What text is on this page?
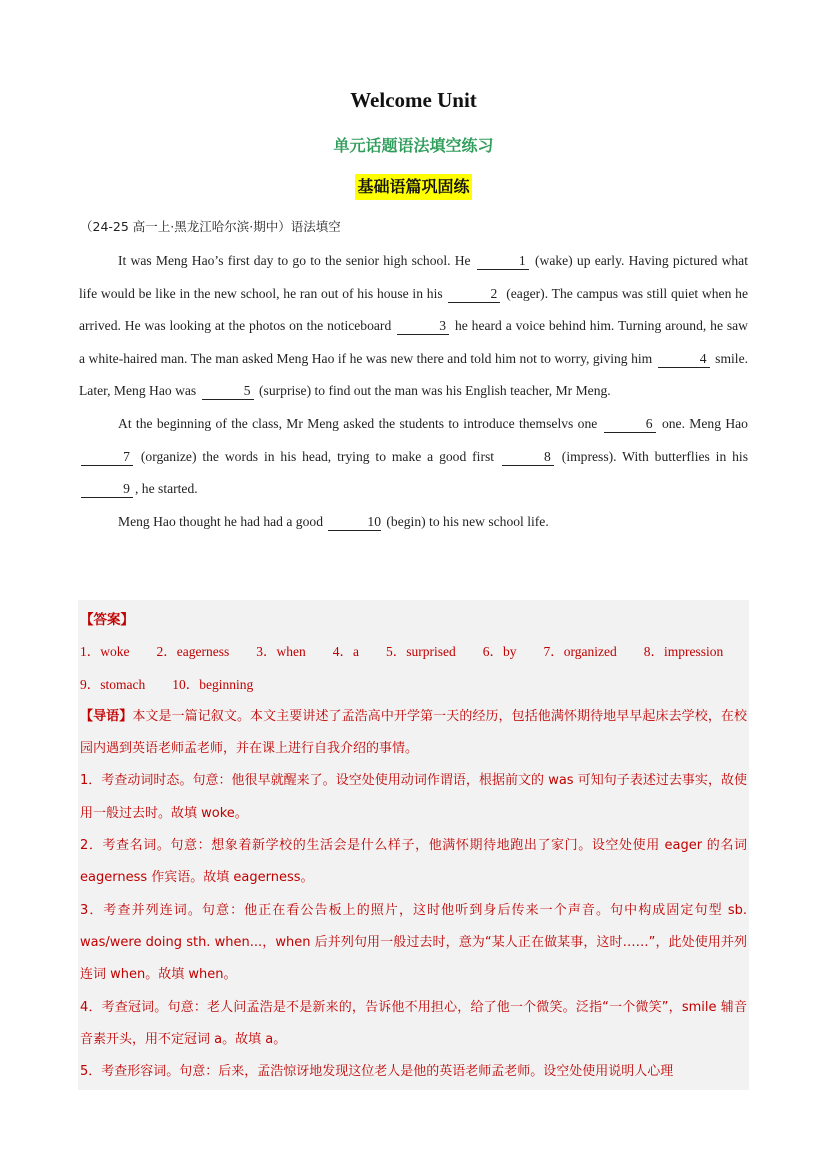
Welcome Unit
单元话题语法填空练习
基础语篇巩固练
（24-25 高一上·黑龙江哈尔滨·期中）语法填空

It was Meng Hao’s first day to go to the senior high school. He	1 (wake) up early. Having pictured what life would be like in the new school, he ran out of his house in his	2 (eager). The campus was still quiet when he arrived. He was looking at the photos on the noticeboard	3 he heard a voice behind him. Turning around, he saw a white-haired man. The man asked Meng Hao if he was new there and told him not to worry, giving him	4 smile. Later, Meng Hao was	5 (surprise) to find out the man was his English teacher, Mr Meng.

At the beginning of the class, Mr Meng asked the students to introduce themselvs one	6 one. Meng Hao 7 (organize) the words in his head, trying to make a good first	8 (impress). With butterflies in his 9 , he started.

Meng Hao thought he had had a good	10 (begin) to his new school life.

【答案】
1．woke 2．eagerness 3．when 4．a 5．surprised 6．by 7．organized 8．impression
9．stomach 10．beginning
【导语】本文是一篇记叙文。本文主要讲述了孟浩高中开学第一天的经历，包括他满怀期待地早早起床去学校，在校园内遇到英语老师孟老师，并在课上进行自我介绍的事情。
1．考查动词时态。句意：他很早就醒来了。设空处使用动词作谓语，根据前文的 was 可知句子表述过去事实，故使用一般过去时。故填 woke。
2．考查名词。句意：想象着新学校的生活会是什么样子，他满怀期待地跑出了家门。设空处使用 eager 的名词 eagerness 作宾语。故填 eagerness。
3．考查并列连词。句意：他正在看公告板上的照片，这时他听到身后传来一个声音。句中构成固定句型 sb. was/were doing sth. when...，when 后并列句用一般过去时，意为“某人正在做某事，这时……”，此处使用并列连词 when。故填 when。
4．考查冠词。句意：老人问孟浩是不是新来的，告诉他不用担心，给了他一个微笑。泛指“一个微笑”，smile 辅音音素开头，用不定冠词 a。故填 a。
5．考查形容词。句意：后来，孟浩惊讶地发现这位老人是他的英语老师孟老师。设空处使用说明人心理
